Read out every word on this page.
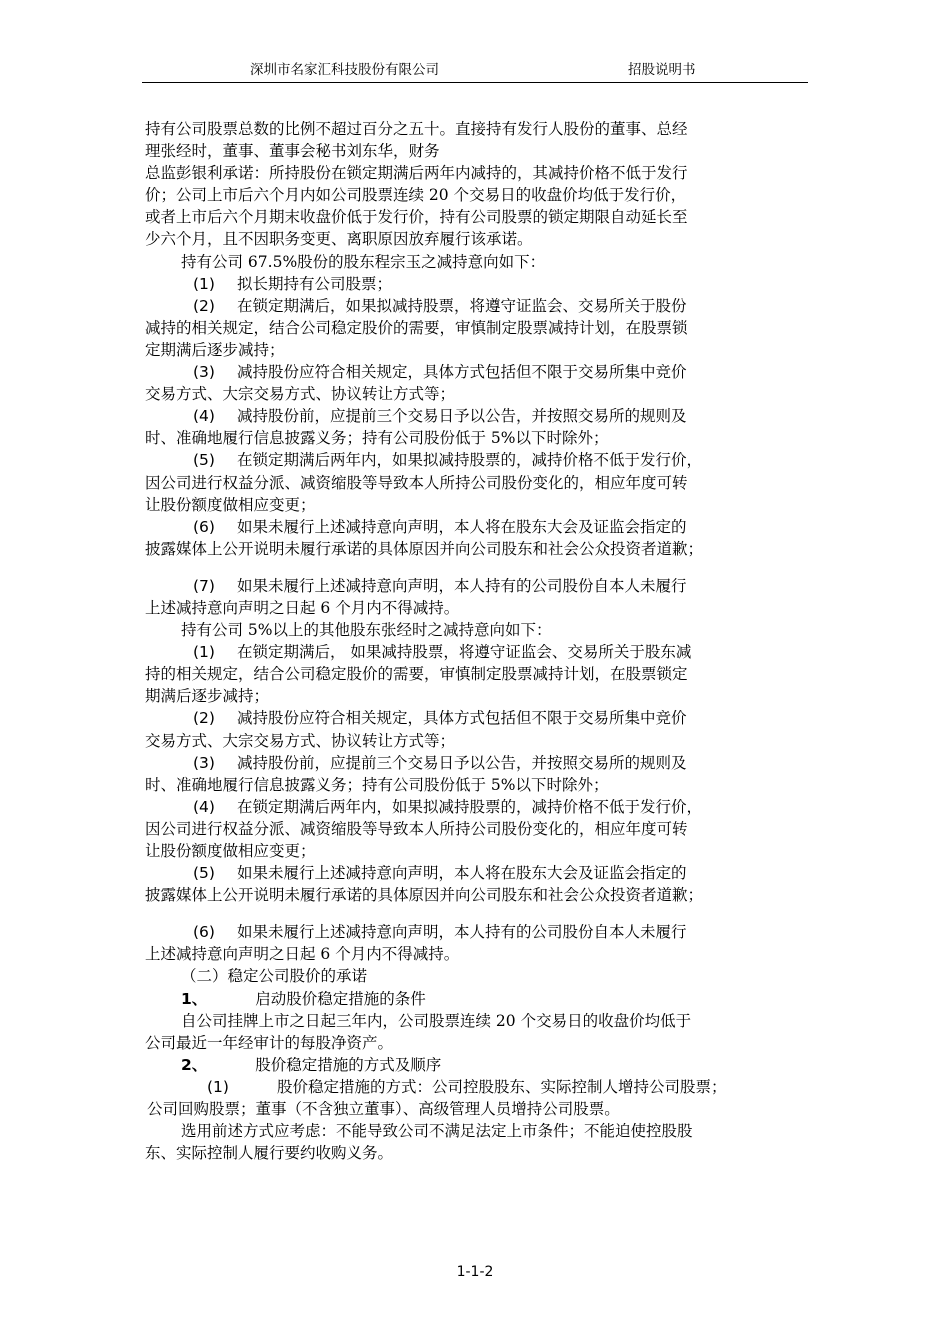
深圳市名家汇科技股份有限公司	招股说明书
持有公司股票总数的比例不超过百分之五十。直接持有发行人股份的董事、总经
理张经时，董事、董事会秘书刘东华，财务
总监彭银利承诺：所持股份在锁定期满后两年内减持的，其减持价格不低于发行
价；公司上市后六个月内如公司股票连续 20 个交易日的收盘价均低于发行价，
或者上市后六个月期末收盘价低于发行价，持有公司股票的锁定期限自动延长至
少六个月，且不因职务变更、离职原因放弃履行该承诺。
持有公司 67.5%股份的股东程宗玉之减持意向如下：
(1) 拟长期持有公司股票；
(2) 在锁定期满后，如果拟减持股票，将遵守证监会、交易所关于股份
减持的相关规定，结合公司稳定股价的需要，审慎制定股票减持计划，在股票锁
定期满后逐步减持；
(3) 减持股份应符合相关规定，具体方式包括但不限于交易所集中竞价
交易方式、大宗交易方式、协议转让方式等；
(4) 减持股份前，应提前三个交易日予以公告，并按照交易所的规则及
时、准确地履行信息披露义务；持有公司股份低于 5%以下时除外；
(5) 在锁定期满后两年内，如果拟减持股票的，减持价格不低于发行价，
因公司进行权益分派、减资缩股等导致本人所持公司股份变化的，相应年度可转
让股份额度做相应变更；
(6) 如果未履行上述减持意向声明，本人将在股东大会及证监会指定的
披露媒体上公开说明未履行承诺的具体原因并向公司股东和社会公众投资者道歉；
(7) 如果未履行上述减持意向声明，本人持有的公司股份自本人未履行
上述减持意向声明之日起 6 个月内不得减持。
持有公司 5%以上的其他股东张经时之减持意向如下：
(1) 在锁定期满后， 如果减持股票，将遵守证监会、交易所关于股东减
持的相关规定，结合公司稳定股价的需要，审慎制定股票减持计划，在股票锁定
期满后逐步减持；
(2) 减持股份应符合相关规定，具体方式包括但不限于交易所集中竞价
交易方式、大宗交易方式、协议转让方式等；
(3) 减持股份前，应提前三个交易日予以公告，并按照交易所的规则及
时、准确地履行信息披露义务；持有公司股份低于 5%以下时除外；
(4) 在锁定期满后两年内，如果拟减持股票的，减持价格不低于发行价，
因公司进行权益分派、减资缩股等导致本人所持公司股份变化的，相应年度可转
让股份额度做相应变更；
(5) 如果未履行上述减持意向声明，本人将在股东大会及证监会指定的
披露媒体上公开说明未履行承诺的具体原因并向公司股东和社会公众投资者道歉；
(6) 如果未履行上述减持意向声明，本人持有的公司股份自本人未履行
上述减持意向声明之日起 6 个月内不得减持。
（二）稳定公司股价的承诺
1、	启动股价稳定措施的条件
自公司挂牌上市之日起三年内，公司股票连续 20 个交易日的收盘价均低于
公司最近一年经审计的每股净资产。
2、	股价稳定措施的方式及顺序
(1)	股价稳定措施的方式：公司控股股东、实际控制人增持公司股票；
公司回购股票；董事（不含独立董事）、高级管理人员增持公司股票。
选用前述方式应考虑：不能导致公司不满足法定上市条件；不能迫使控股股
东、实际控制人履行要约收购义务。
1-1-2
